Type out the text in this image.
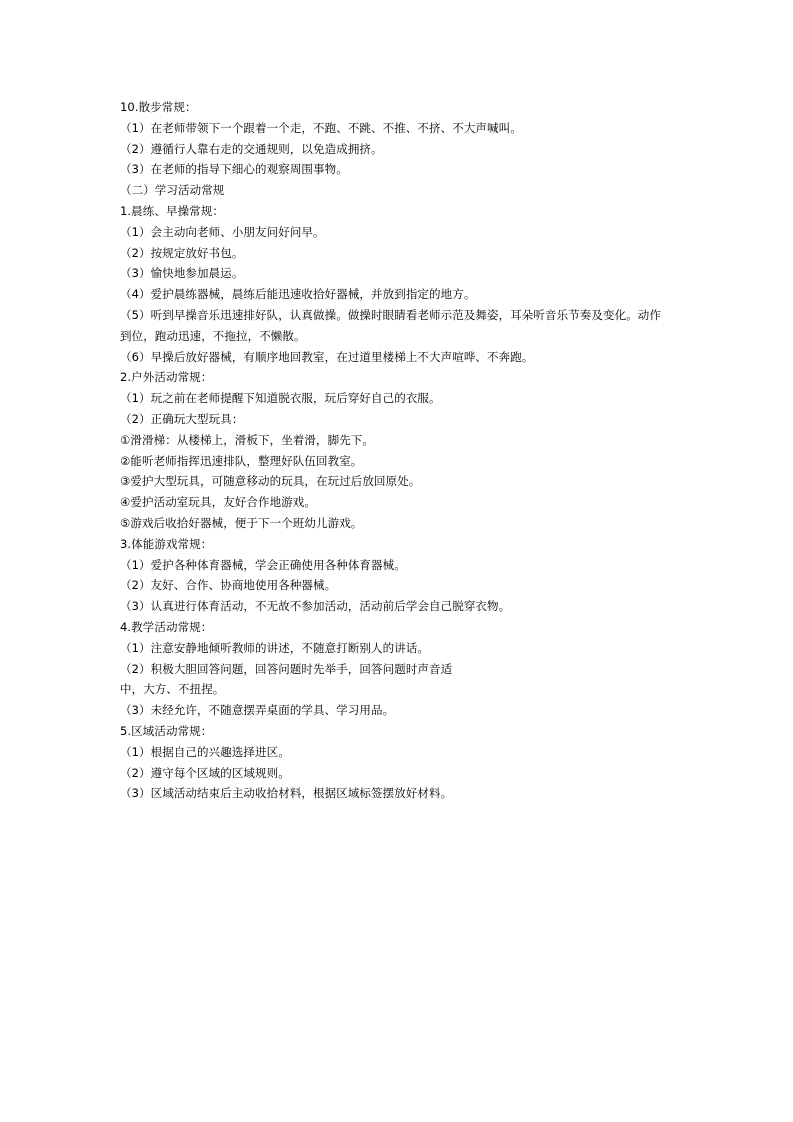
10.散步常规：
（1）在老师带领下一个跟着一个走，不跑、不跳、不推、不挤、不大声喊叫。
（2）遵循行人靠右走的交通规则，以免造成拥挤。
（3）在老师的指导下细心的观察周围事物。
（二）学习活动常规
1.晨练、早操常规：
（1）会主动向老师、小朋友问好问早。
（2）按规定放好书包。
（3）愉快地参加晨运。
（4）爱护晨练器械，晨练后能迅速收拾好器械，并放到指定的地方。
（5）听到早操音乐迅速排好队，认真做操。做操时眼睛看老师示范及舞姿，耳朵听音乐节奏及变化。动作
到位，跑动迅速，不拖拉，不懒散。
（6）早操后放好器械，有顺序地回教室，在过道里楼梯上不大声喧哗、不奔跑。
2.户外活动常规：
（1）玩之前在老师提醒下知道脱衣服，玩后穿好自己的衣服。
（2）正确玩大型玩具：
①滑滑梯：从楼梯上，滑板下，坐着滑，脚先下。
②能听老师指挥迅速排队，整理好队伍回教室。
③爱护大型玩具，可随意移动的玩具，在玩过后放回原处。
④爱护活动室玩具，友好合作地游戏。
⑤游戏后收拾好器械，便于下一个班幼儿游戏。
3.体能游戏常规：
（1）爱护各种体育器械，学会正确使用各种体育器械。
（2）友好、合作、协商地使用各种器械。
（3）认真进行体育活动，不无故不参加活动，活动前后学会自己脱穿衣物。
4.教学活动常规：
（1）注意安静地倾听教师的讲述，不随意打断别人的讲话。
（2）积极大胆回答问题，回答问题时先举手，回答问题时声音适
中，大方、不扭捏。
（3）未经允许，不随意摆弄桌面的学具、学习用品。
5.区域活动常规：
（1）根据自己的兴趣选择进区。
（2）遵守每个区域的区域规则。
（3）区域活动结束后主动收拾材料，根据区域标签摆放好材料。
